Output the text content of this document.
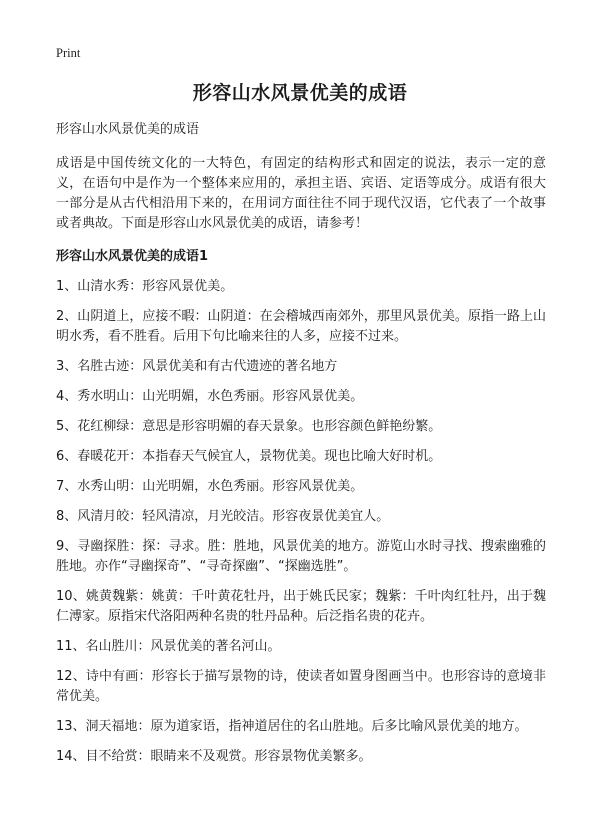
Print
形容山水风景优美的成语

形容山水风景优美的成语

成语是中国传统文化的一大特色，有固定的结构形式和固定的说法，表示一定的意义，在语句中是作为一个整体来应用的，承担主语、宾语、定语等成分。成语有很大一部分是从古代相沿用下来的，在用词方面往往不同于现代汉语，它代表了一个故事或者典故。下面是形容山水风景优美的成语，请参考！

形容山水风景优美的成语1

1、山清水秀：形容风景优美。
2、山阴道上，应接不暇：山阴道：在会稽城西南郊外，那里风景优美。原指一路上山明水秀，看不胜看。后用下句比喻来往的人多，应接不过来。
3、名胜古迹：风景优美和有古代遗迹的著名地方
4、秀水明山：山光明媚，水色秀丽。形容风景优美。
5、花红柳绿：意思是形容明媚的春天景象。也形容颜色鲜艳纷繁。
6、春暖花开：本指春天气候宜人，景物优美。现也比喻大好时机。
7、水秀山明：山光明媚，水色秀丽。形容风景优美。
8、风清月皎：轻风清凉，月光皎洁。形容夜景优美宜人。
9、寻幽探胜：探：寻求。胜：胜地，风景优美的地方。游览山水时寻找、搜索幽雅的胜地。亦作“寻幽探奇”、“寻奇探幽”、“探幽选胜”。
10、姚黄魏紫：姚黄：千叶黄花牡丹，出于姚氏民家；魏紫：千叶肉红牡丹，出于魏仁溥家。原指宋代洛阳两种名贵的牡丹品种。后泛指名贵的花卉。
11、名山胜川：风景优美的著名河山。
12、诗中有画：形容长于描写景物的诗，使读者如置身图画当中。也形容诗的意境非常优美。
13、洞天福地：原为道家语，指神道居住的名山胜地。后多比喻风景优美的地方。
14、目不给赏：眼睛来不及观赏。形容景物优美繁多。
